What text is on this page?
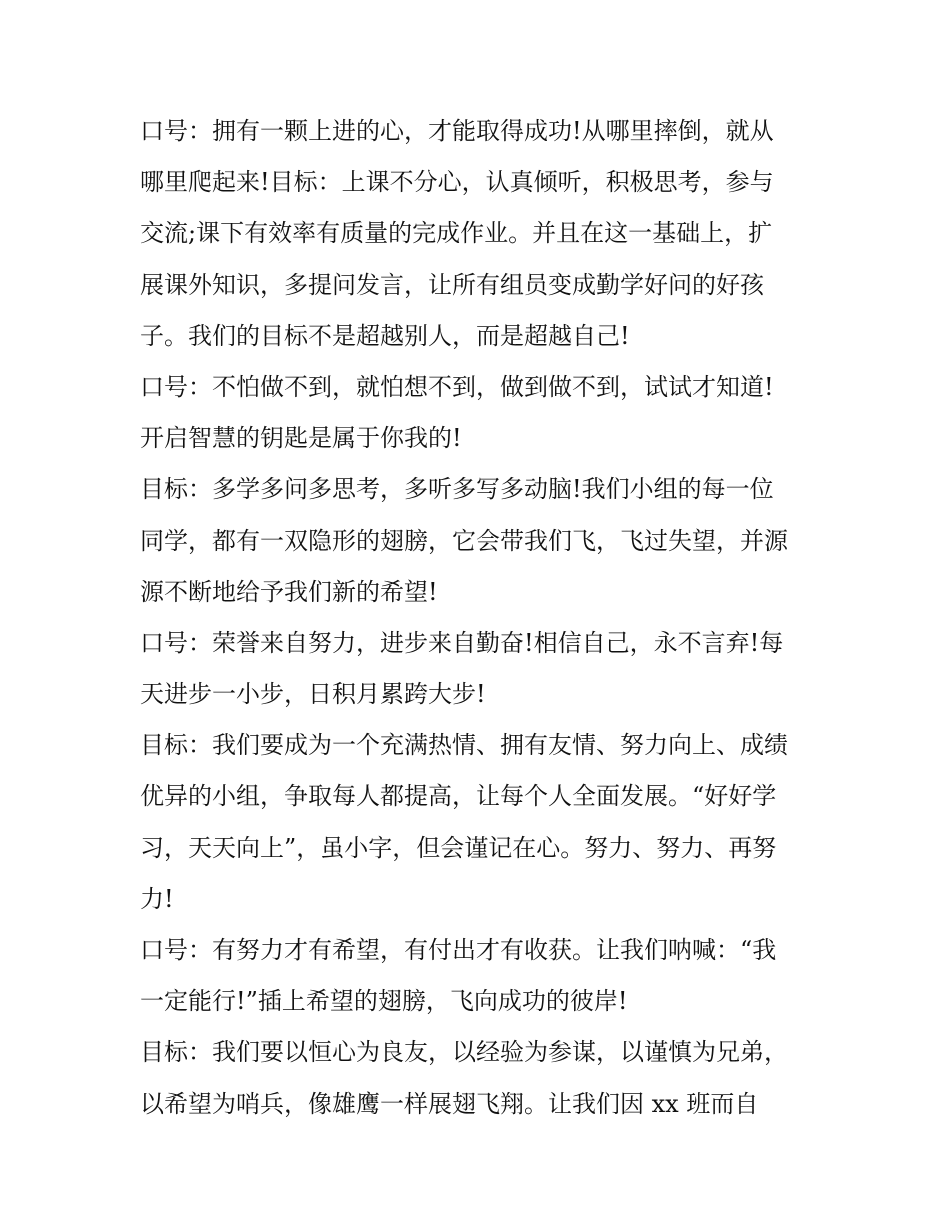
口号：拥有一颗上进的心，才能取得成功!从哪里摔倒，就从
哪里爬起来!目标：上课不分心，认真倾听，积极思考，参与
交流;课下有效率有质量的完成作业。并且在这一基础上，扩
展课外知识，多提问发言，让所有组员变成勤学好问的好孩
子。我们的目标不是超越别人，而是超越自己!
口号：不怕做不到，就怕想不到，做到做不到，试试才知道!
开启智慧的钥匙是属于你我的!
目标：多学多问多思考，多听多写多动脑!我们小组的每一位
同学，都有一双隐形的翅膀，它会带我们飞，飞过失望，并源
源不断地给予我们新的希望!
口号：荣誉来自努力，进步来自勤奋!相信自己，永不言弃!每
天进步一小步，日积月累跨大步!
目标：我们要成为一个充满热情、拥有友情、努力向上、成绩
优异的小组，争取每人都提高，让每个人全面发展。“好好学
习，天天向上”，虽小字，但会谨记在心。努力、努力、再努
力!
口号：有努力才有希望，有付出才有收获。让我们呐喊：“我
一定能行!”插上希望的翅膀，飞向成功的彼岸!
目标：我们要以恒心为良友，以经验为参谋，以谨慎为兄弟，
以希望为哨兵，像雄鹰一样展翅飞翔。让我们因 xx 班而自
